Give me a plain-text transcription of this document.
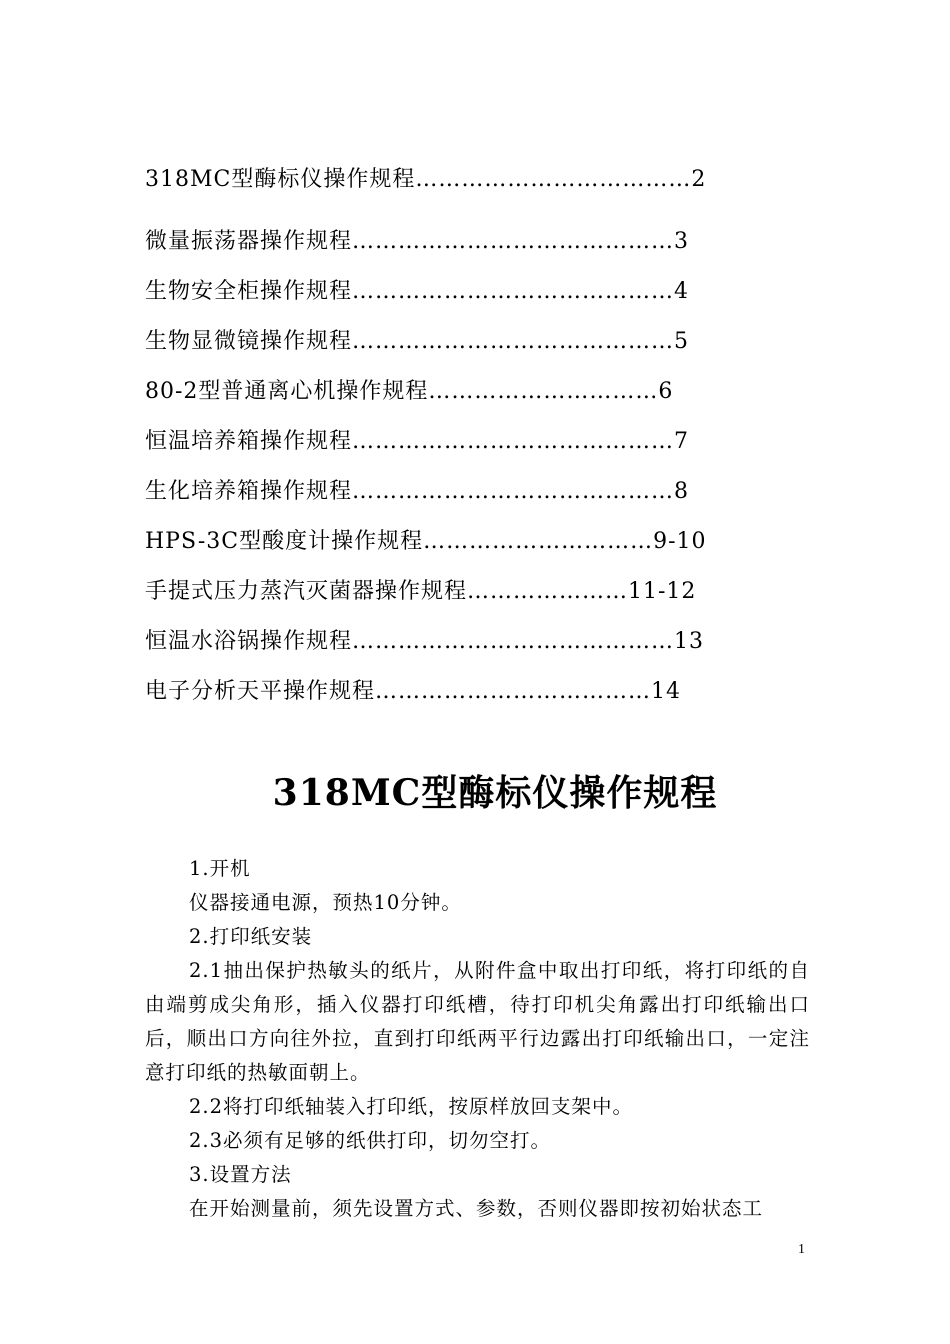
318MC型酶标仪操作规程………………………………2
微量振荡器操作规程……………………………………3
生物安全柜操作规程……………………………………4
生物显微镜操作规程……………………………………5
80-2型普通离心机操作规程…………………………6
恒温培养箱操作规程……………………………………7
生化培养箱操作规程……………………………………8
HPS-3C型酸度计操作规程…………………………9-10
手提式压力蒸汽灭菌器操作规程…………………11-12
恒温水浴锅操作规程……………………………………13
电子分析天平操作规程………………………………14
318MC型酶标仪操作规程

1.开机

仪器接通电源，预热10分钟。

2.打印纸安装

2.1抽出保护热敏头的纸片，从附件盒中取出打印纸，将打印纸的自由端剪成尖角形，插入仪器打印纸槽，待打印机尖角露出打印纸输出口后，顺出口方向往外拉，直到打印纸两平行边露出打印纸输出口，一定注意打印纸的热敏面朝上。

2.2将打印纸轴装入打印纸，按原样放回支架中。

2.3必须有足够的纸供打印，切勿空打。

3.设置方法

在开始测量前，须先设置方式、参数，否则仪器即按初始状态工

1
